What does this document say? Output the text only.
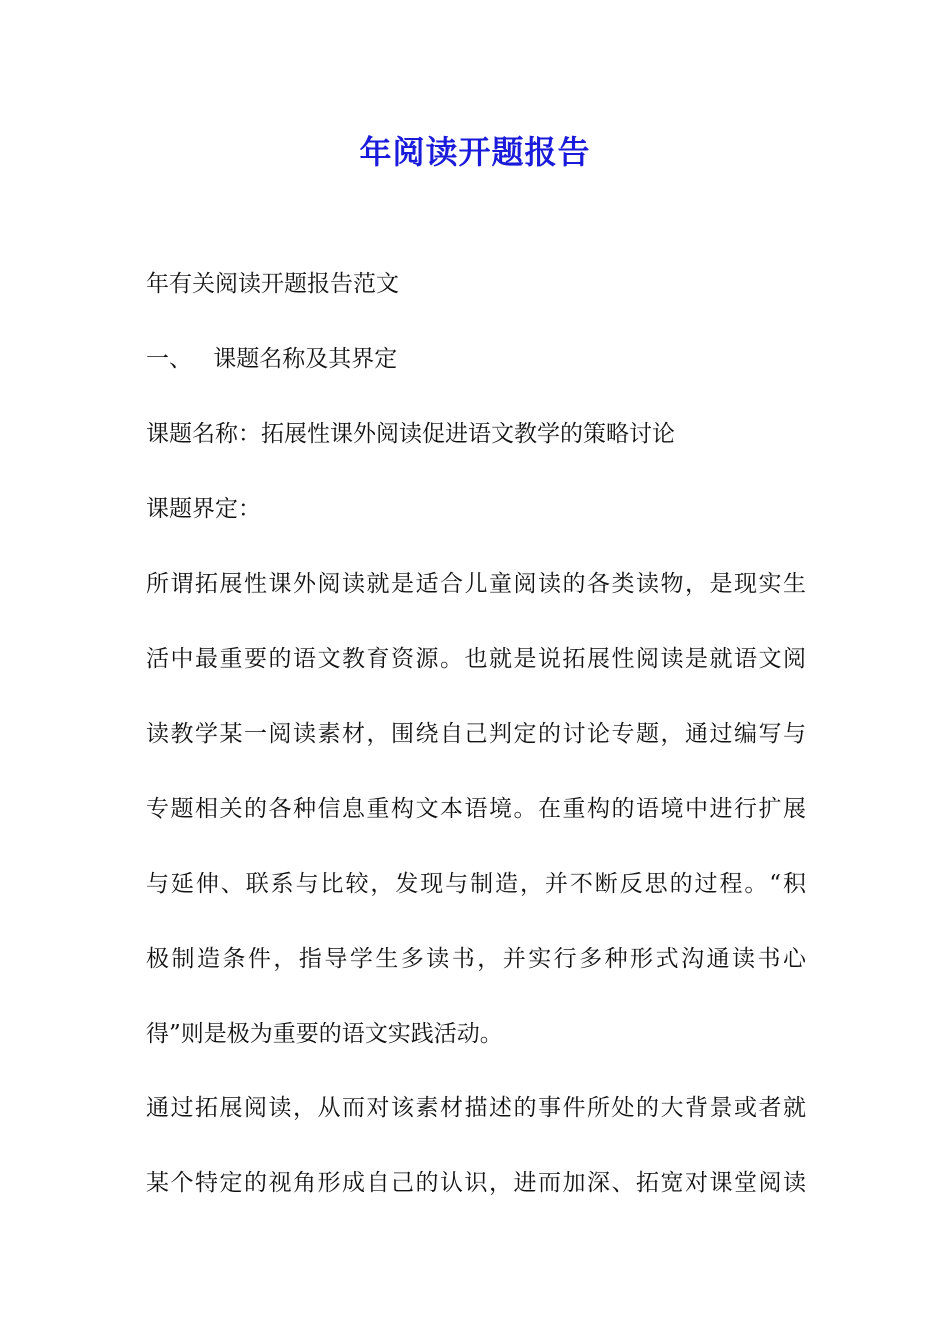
年阅读开题报告
年有关阅读开题报告范文
一、 课题名称及其界定
课题名称：拓展性课外阅读促进语文教学的策略讨论
课题界定：
所谓拓展性课外阅读就是适合儿童阅读的各类读物，是现实生
活中最重要的语文教育资源。也就是说拓展性阅读是就语文阅
读教学某一阅读素材，围绕自己判定的讨论专题，通过编写与
专题相关的各种信息重构文本语境。在重构的语境中进行扩展
与延伸、联系与比较，发现与制造，并不断反思的过程。“积
极制造条件，指导学生多读书，并实行多种形式沟通读书心
得”则是极为重要的语文实践活动。
通过拓展阅读，从而对该素材描述的事件所处的大背景或者就
某个特定的视角形成自己的认识，进而加深、拓宽对课堂阅读
